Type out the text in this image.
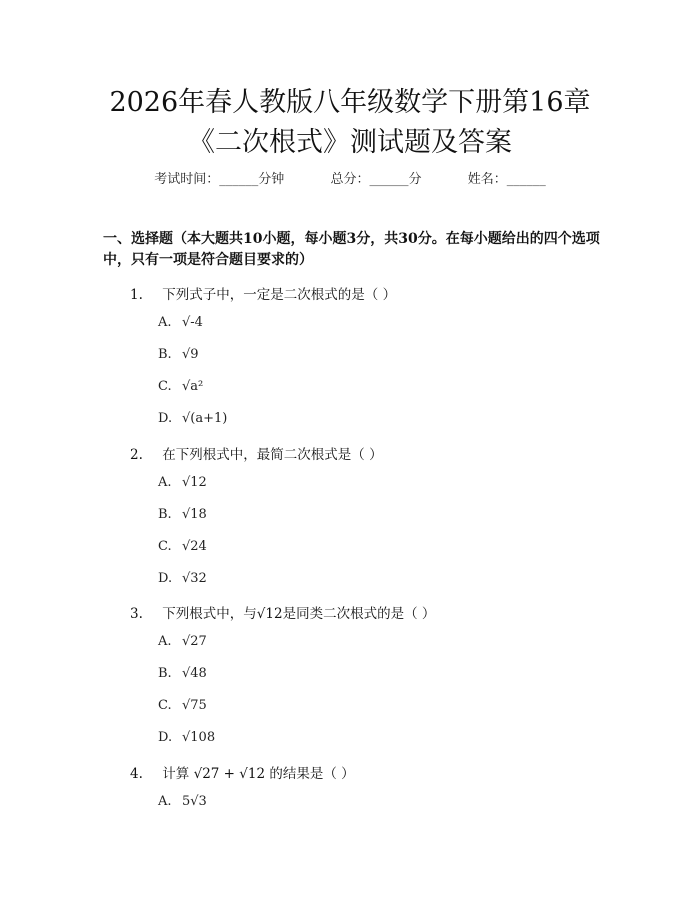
2026年春人教版八年级数学下册第16章
《二次根式》测试题及答案
考试时间：______分钟	总分：______分	姓名：______
一、选择题（本大题共10小题，每小题3分，共30分。在每小题给出的四个选项中，只有一项是符合题目要求的）
1. 下列式子中，一定是二次根式的是（ ）
A. √-4
B. √9
C. √a²
D. √(a+1)
2. 在下列根式中，最简二次根式是（ ）
A. √12
B. √18
C. √24
D. √32
3. 下列根式中，与√12是同类二次根式的是（ ）
A. √27
B. √48
C. √75
D. √108
4. 计算 √27 + √12 的结果是（ ）
A. 5√3
